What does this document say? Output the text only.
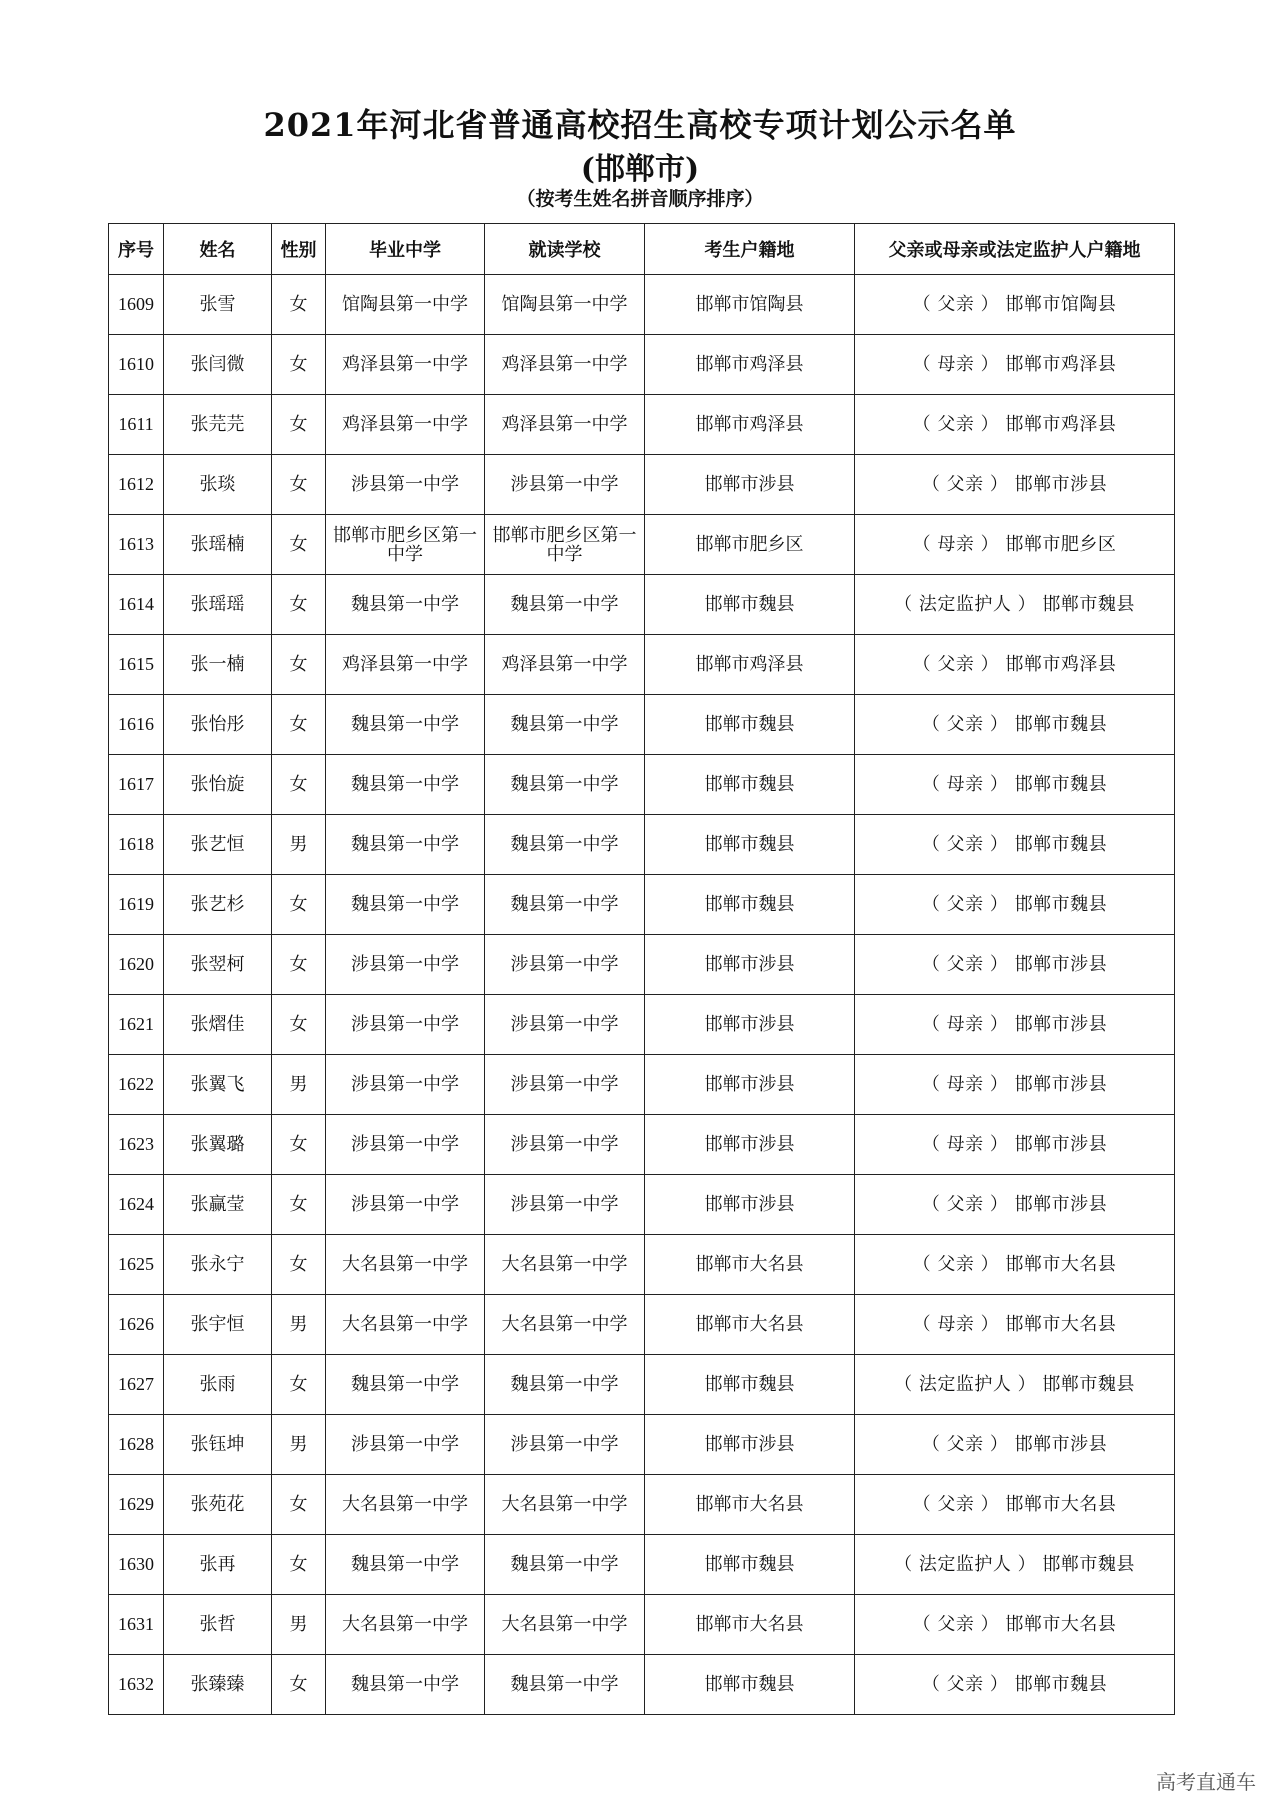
2021年河北省普通高校招生高校专项计划公示名单
(邯郸市)
（按考生姓名拼音顺序排序）
序号	姓名	性别	毕业中学	就读学校	考生户籍地	父亲或母亲或法定监护人户籍地
1609	张雪	女	馆陶县第一中学	馆陶县第一中学	邯郸市馆陶县	（ 父亲 ） 邯郸市馆陶县
1610	张闫微	女	鸡泽县第一中学	鸡泽县第一中学	邯郸市鸡泽县	（ 母亲 ） 邯郸市鸡泽县
1611	张芫芫	女	鸡泽县第一中学	鸡泽县第一中学	邯郸市鸡泽县	（ 父亲 ） 邯郸市鸡泽县
1612	张琰	女	涉县第一中学	涉县第一中学	邯郸市涉县	（ 父亲 ） 邯郸市涉县
1613	张瑶楠	女	邯郸市肥乡区第一中学	邯郸市肥乡区第一中学	邯郸市肥乡区	（ 母亲 ） 邯郸市肥乡区
1614	张瑶瑶	女	魏县第一中学	魏县第一中学	邯郸市魏县	（ 法定监护人 ） 邯郸市魏县
1615	张一楠	女	鸡泽县第一中学	鸡泽县第一中学	邯郸市鸡泽县	（ 父亲 ） 邯郸市鸡泽县
1616	张怡彤	女	魏县第一中学	魏县第一中学	邯郸市魏县	（ 父亲 ） 邯郸市魏县
1617	张怡旋	女	魏县第一中学	魏县第一中学	邯郸市魏县	（ 母亲 ） 邯郸市魏县
1618	张艺恒	男	魏县第一中学	魏县第一中学	邯郸市魏县	（ 父亲 ） 邯郸市魏县
1619	张艺杉	女	魏县第一中学	魏县第一中学	邯郸市魏县	（ 父亲 ） 邯郸市魏县
1620	张翌柯	女	涉县第一中学	涉县第一中学	邯郸市涉县	（ 父亲 ） 邯郸市涉县
1621	张熠佳	女	涉县第一中学	涉县第一中学	邯郸市涉县	（ 母亲 ） 邯郸市涉县
1622	张翼飞	男	涉县第一中学	涉县第一中学	邯郸市涉县	（ 母亲 ） 邯郸市涉县
1623	张翼璐	女	涉县第一中学	涉县第一中学	邯郸市涉县	（ 母亲 ） 邯郸市涉县
1624	张赢莹	女	涉县第一中学	涉县第一中学	邯郸市涉县	（ 父亲 ） 邯郸市涉县
1625	张永宁	女	大名县第一中学	大名县第一中学	邯郸市大名县	（ 父亲 ） 邯郸市大名县
1626	张宇恒	男	大名县第一中学	大名县第一中学	邯郸市大名县	（ 母亲 ） 邯郸市大名县
1627	张雨	女	魏县第一中学	魏县第一中学	邯郸市魏县	（ 法定监护人 ） 邯郸市魏县
1628	张钰坤	男	涉县第一中学	涉县第一中学	邯郸市涉县	（ 父亲 ） 邯郸市涉县
1629	张苑花	女	大名县第一中学	大名县第一中学	邯郸市大名县	（ 父亲 ） 邯郸市大名县
1630	张再	女	魏县第一中学	魏县第一中学	邯郸市魏县	（ 法定监护人 ） 邯郸市魏县
1631	张哲	男	大名县第一中学	大名县第一中学	邯郸市大名县	（ 父亲 ） 邯郸市大名县
1632	张臻臻	女	魏县第一中学	魏县第一中学	邯郸市魏县	（ 父亲 ） 邯郸市魏县
高考直通车
